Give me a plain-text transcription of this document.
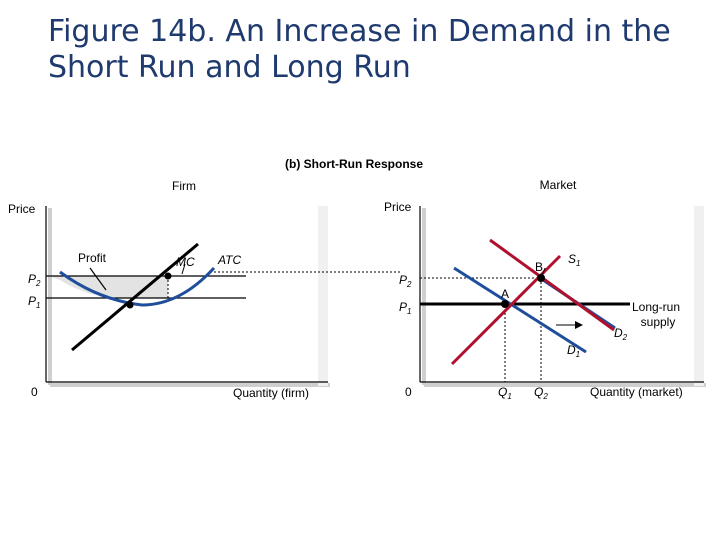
Figure 14b. An Increase in Demand in the
Short Run and Long Run
(b) Short-Run Response
Firm	Market
Price
0	Quantity (firm)
Profit	MC ATC
$P_2$
$P_1$
Price
0	Quantity (market)
$P_2$
$P_1$
A
B
$S_1$
$D_1$
$D_2$
$Q_1$ $Q_2$
Long-run
supply
